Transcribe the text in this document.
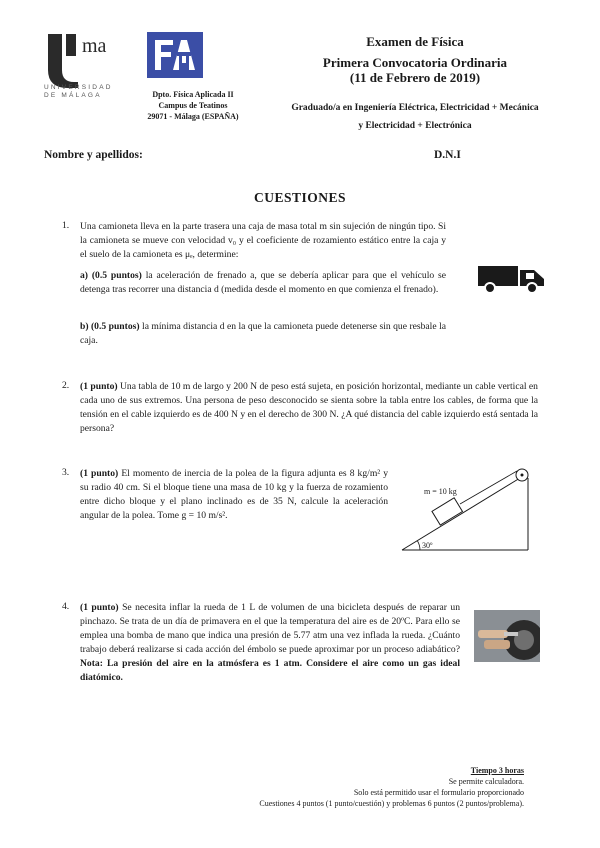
ma
UNIVERSIDAD
DE MÁLAGA	Dpto. Física Aplicada II
Campus de Teatinos
29071 - Málaga (ESPAÑA)
Examen de Física
Primera Convocatoria Ordinaria
(11 de Febrero de 2019)
Graduado/a en Ingeniería Eléctrica, Electricidad + Mecánica
y Electricidad + Electrónica
Nombre y apellidos:	D.N.I
CUESTIONES
1. Una camioneta lleva en la parte trasera una caja de masa total m sin sujeción de ningún tipo. Si la camioneta se mueve con velocidad v₀ y el coeficiente de rozamiento estático entre la caja y el suelo de la camioneta es μₑ, determine:
a) (0.5 puntos) la aceleración de frenado a, que se debería aplicar para que el vehículo se detenga tras recorrer una distancia d (medida desde el momento en que comienza el frenado).
b) (0.5 puntos) la mínima distancia d en la que la camioneta puede detenerse sin que resbale la caja.
2. (1 punto) Una tabla de 10 m de largo y 200 N de peso está sujeta, en posición horizontal, mediante un cable vertical en cada uno de sus extremos. Una persona de peso desconocido se sienta sobre la tabla entre los cables, de forma que la tensión en el cable izquierdo es de 400 N y en el derecho de 300 N. ¿A qué distancia del cable izquierdo está sentada la persona?
3. (1 punto) El momento de inercia de la polea de la figura adjunta es 8 kg/m² y su radio 40 cm. Si el bloque tiene una masa de 10 kg y la fuerza de rozamiento entre dicho bloque y el plano inclinado es de 35 N, calcule la aceleración angular de la polea. Tome g = 10 m/s².
30º
m = 10 kg
4. (1 punto) Se necesita inflar la rueda de 1 L de volumen de una bicicleta después de reparar un pinchazo. Se trata de un día de primavera en el que la temperatura del aire es de 20ºC. Para ello se emplea una bomba de mano que indica una presión de 5.77 atm una vez inflada la rueda. ¿Cuánto trabajo deberá realizarse si cada acción del émbolo se puede aproximar por un proceso adiabático? Nota: La presión del aire en la atmósfera es 1 atm. Considere el aire como un gas ideal diatómico.
Tiempo 3 horas
Se permite calculadora.
Solo está permitido usar el formulario proporcionado
Cuestiones 4 puntos (1 punto/cuestión) y problemas 6 puntos (2 puntos/problema).
